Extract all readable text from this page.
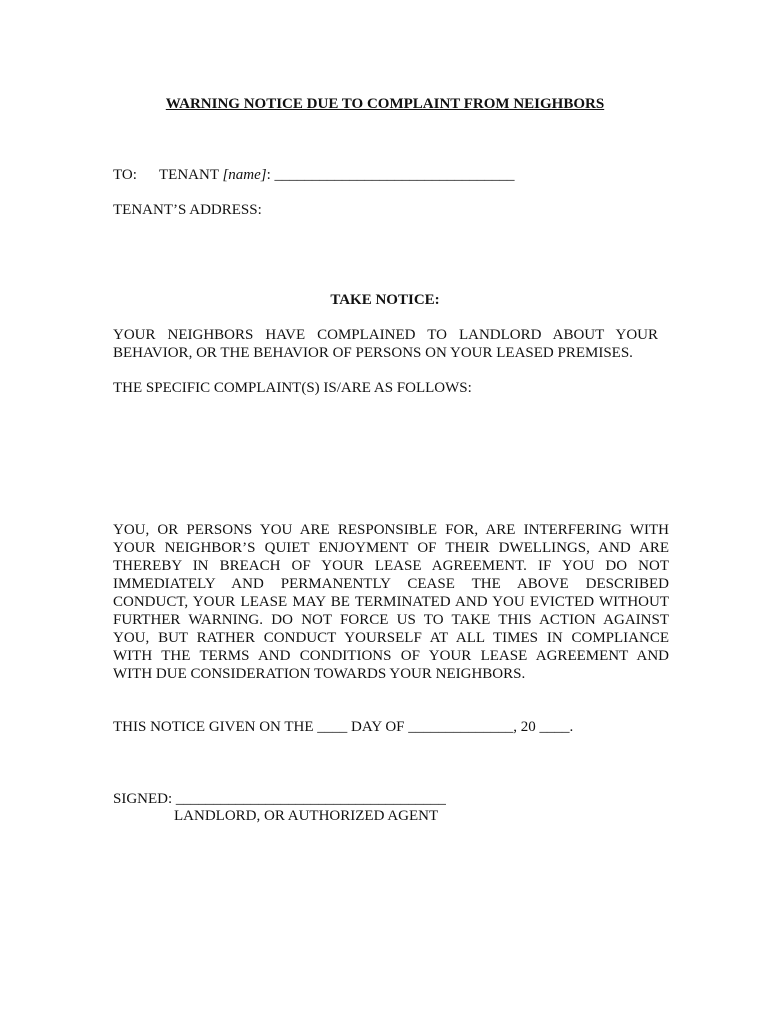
WARNING NOTICE DUE TO COMPLAINT FROM NEIGHBORS
TO: TENANT [name]: ________________________________
TENANT’S ADDRESS:
TAKE NOTICE:
YOUR NEIGHBORS HAVE COMPLAINED TO LANDLORD ABOUT YOUR
BEHAVIOR, OR THE BEHAVIOR OF PERSONS ON YOUR LEASED PREMISES.
THE SPECIFIC COMPLAINT(S) IS/ARE AS FOLLOWS:
YOU, OR PERSONS YOU ARE RESPONSIBLE FOR, ARE INTERFERING WITH
YOUR NEIGHBOR’S QUIET ENJOYMENT OF THEIR DWELLINGS, AND ARE
THEREBY IN BREACH OF YOUR LEASE AGREEMENT. IF YOU DO NOT
IMMEDIATELY AND PERMANENTLY CEASE THE ABOVE DESCRIBED
CONDUCT, YOUR LEASE MAY BE TERMINATED AND YOU EVICTED WITHOUT
FURTHER WARNING. DO NOT FORCE US TO TAKE THIS ACTION AGAINST
YOU, BUT RATHER CONDUCT YOURSELF AT ALL TIMES IN COMPLIANCE
WITH THE TERMS AND CONDITIONS OF YOUR LEASE AGREEMENT AND
WITH DUE CONSIDERATION TOWARDS YOUR NEIGHBORS.
THIS NOTICE GIVEN ON THE ____ DAY OF ______________, 20 ____.
SIGNED: ____________________________________
LANDLORD, OR AUTHORIZED AGENT
